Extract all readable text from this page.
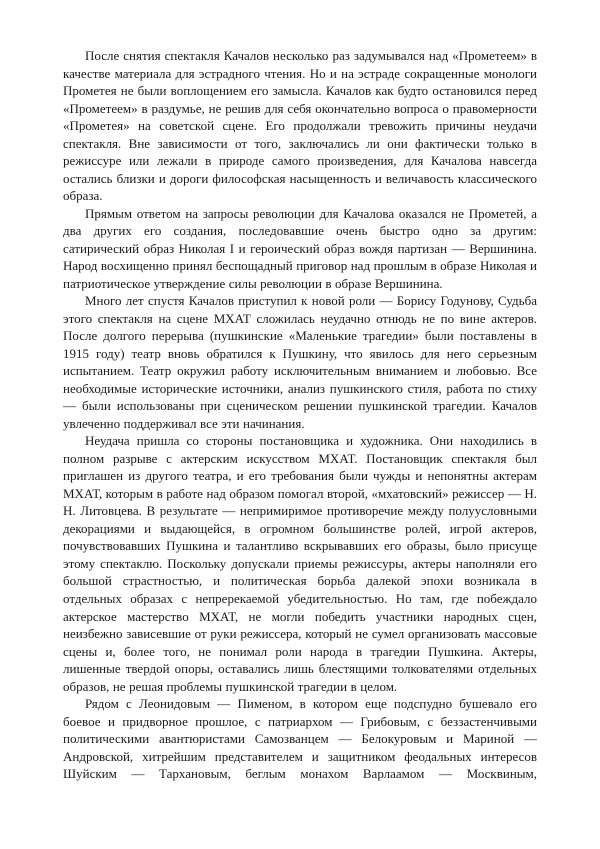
После снятия спектакля Качалов несколько раз задумывался над «Прометеем» в качестве материала для эстрадного чтения. Но и на эстраде сокращенные монологи Прометея не были воплощением его замысла. Качалов как будто остановился перед «Прометеем» в раздумье, не решив для себя окончательно вопроса о правомерности «Прометея» на советской сцене. Его продолжали тревожить причины неудачи спектакля. Вне зависимости от того, заключались ли они фактически только в режиссуре или лежали в природе самого произведения, для Качалова навсегда остались близки и дороги философская насыщенность и величавость классического образа.

Прямым ответом на запросы революции для Качалова оказался не Прометей, а два других его создания, последовавшие очень быстро одно за другим: сатирический образ Николая I и героический образ вождя партизан — Вершинина. Народ восхищенно принял беспощадный приговор над прошлым в образе Николая и патриотическое утверждение силы революции в образе Вершинина.

Много лет спустя Качалов приступил к новой роли — Борису Годунову, Судьба этого спектакля на сцене МХАТ сложилась неудачно отнюдь не по вине актеров. После долгого перерыва (пушкинские «Маленькие трагедии» были поставлены в 1915 году) театр вновь обратился к Пушкину, что явилось для него серьезным испытанием. Театр окружил работу исключительным вниманием и любовью. Все необходимые исторические источники, анализ пушкинского стиля, работа по стиху — были использованы при сценическом решении пушкинской трагедии. Качалов увлеченно поддерживал все эти начинания.

Неудача пришла со стороны постановщика и художника. Они находились в полном разрыве с актерским искусством МХАТ. Постановщик спектакля был приглашен из другого театра, и его требования были чужды и непонятны актерам МХАТ, которым в работе над образом помогал второй, «мхатовский» режиссер — Н. Н. Литовцева. В результате — непримиримое противоречие между полуусловными декорациями и выдающейся, в огромном большинстве ролей, игрой актеров, почувствовавших Пушкина и талантливо вскрывавших его образы, было присуще этому спектаклю. Поскольку допускали приемы режиссуры, актеры наполняли его большой страстностью, и политическая борьба далекой эпохи возникала в отдельных образах с непререкаемой убедительностью. Но там, где побеждало актерское мастерство МХАТ, не могли победить участники народных сцен, неизбежно зависевшие от руки режиссера, который не сумел организовать массовые сцены и, более того, не понимал роли народа в трагедии Пушкина. Актеры, лишенные твердой опоры, оставались лишь блестящими толкователями отдельных образов, не решая проблемы пушкинской трагедии в целом.

Рядом с Леонидовым — Пименом, в котором еще подспудно бушевало его боевое и придворное прошлое, с патриархом — Грибовым, с беззастенчивыми политическими авантюристами Самозванцем — Белокуровым и Мариной — Андровской, хитрейшим представителем и защитником феодальных интересов Шуйским — Тархановым, беглым монахом Варлаамом — Москвиным,
